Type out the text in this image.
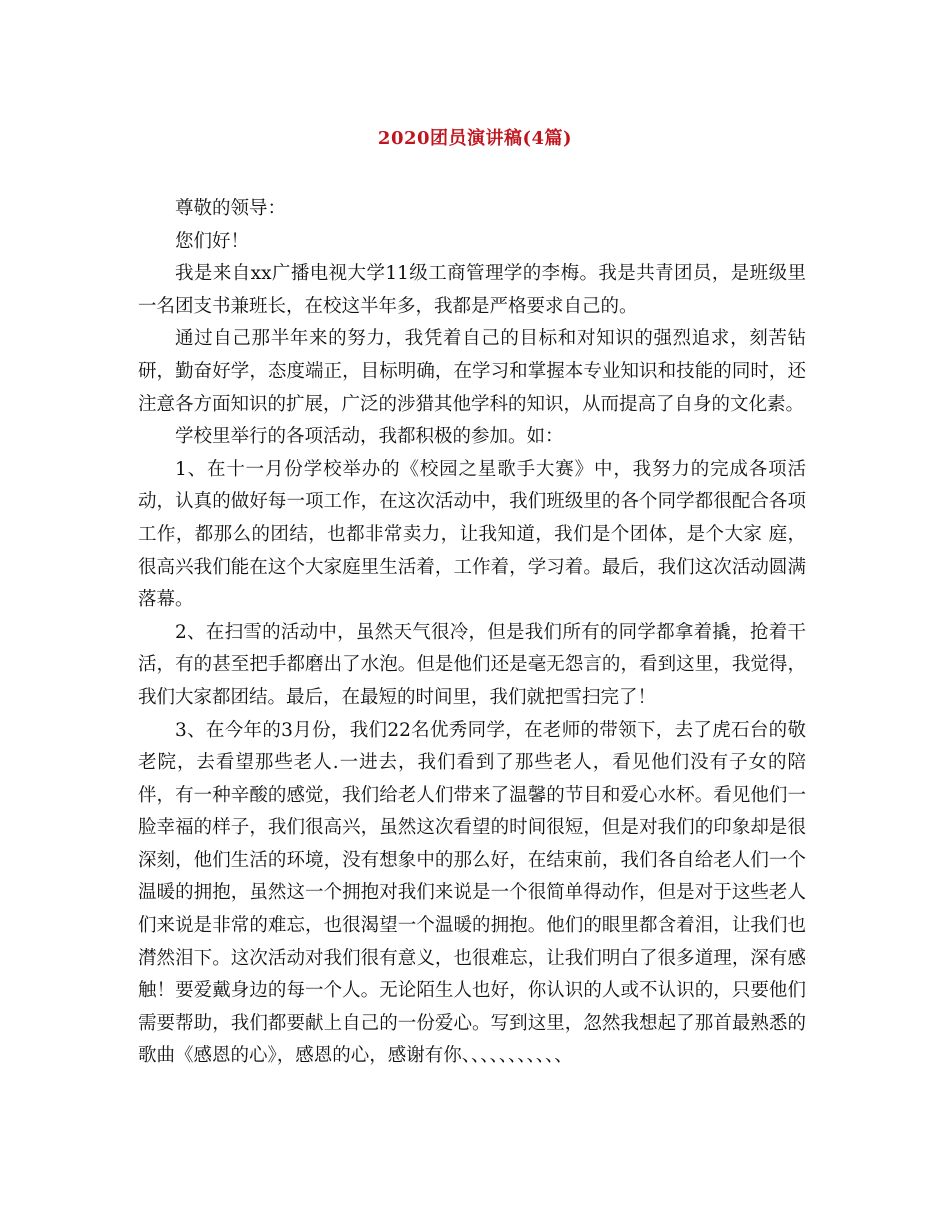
2020团员演讲稿(4篇)

尊敬的领导：

您们好！

我是来自xx广播电视大学11级工商管理学的李梅。我是共青团员，是班级里一名团支书兼班长，在校这半年多，我都是严格要求自己的。

通过自己那半年来的努力，我凭着自己的目标和对知识的强烈追求，刻苦钻研，勤奋好学，态度端正，目标明确，在学习和掌握本专业知识和技能的同时，还注意各方面知识的扩展，广泛的涉猎其他学科的知识，从而提高了自身的文化素。

学校里举行的各项活动，我都积极的参加。如：

1、在十一月份学校举办的《校园之星歌手大赛》中，我努力的完成各项活动，认真的做好每一项工作，在这次活动中，我们班级里的各个同学都很配合各项工作，都那么的团结，也都非常卖力，让我知道，我们是个团体，是个大家 庭，很高兴我们能在这个大家庭里生活着，工作着，学习着。最后，我们这次活动圆满落幕。

2、在扫雪的活动中，虽然天气很冷，但是我们所有的同学都拿着撬，抢着干活，有的甚至把手都磨出了水泡。但是他们还是毫无怨言的，看到这里，我觉得，我们大家都团结。最后，在最短的时间里，我们就把雪扫完了！

3、在今年的3月份，我们22名优秀同学，在老师的带领下，去了虎石台的敬老院，去看望那些老人.一进去，我们看到了那些老人，看见他们没有子女的陪伴，有一种辛酸的感觉，我们给老人们带来了温馨的节目和爱心水杯。看见他们一脸幸福的样子，我们很高兴，虽然这次看望的时间很短，但是对我们的印象却是很深刻，他们生活的环境，没有想象中的那么好，在结束前，我们各自给老人们一个温暖的拥抱，虽然这一个拥抱对我们来说是一个很简单得动作，但是对于这些老人们来说是非常的难忘，也很渴望一个温暖的拥抱。他们的眼里都含着泪，让我们也潸然泪下。这次活动对我们很有意义，也很难忘，让我们明白了很多道理，深有感触！要爱戴身边的每一个人。无论陌生人也好，你认识的人或不认识的，只要他们需要帮助，我们都要献上自己的一份爱心。写到这里，忽然我想起了那首最熟悉的歌曲《感恩的心》，感恩的心，感谢有你、、、、、、、、、、、
